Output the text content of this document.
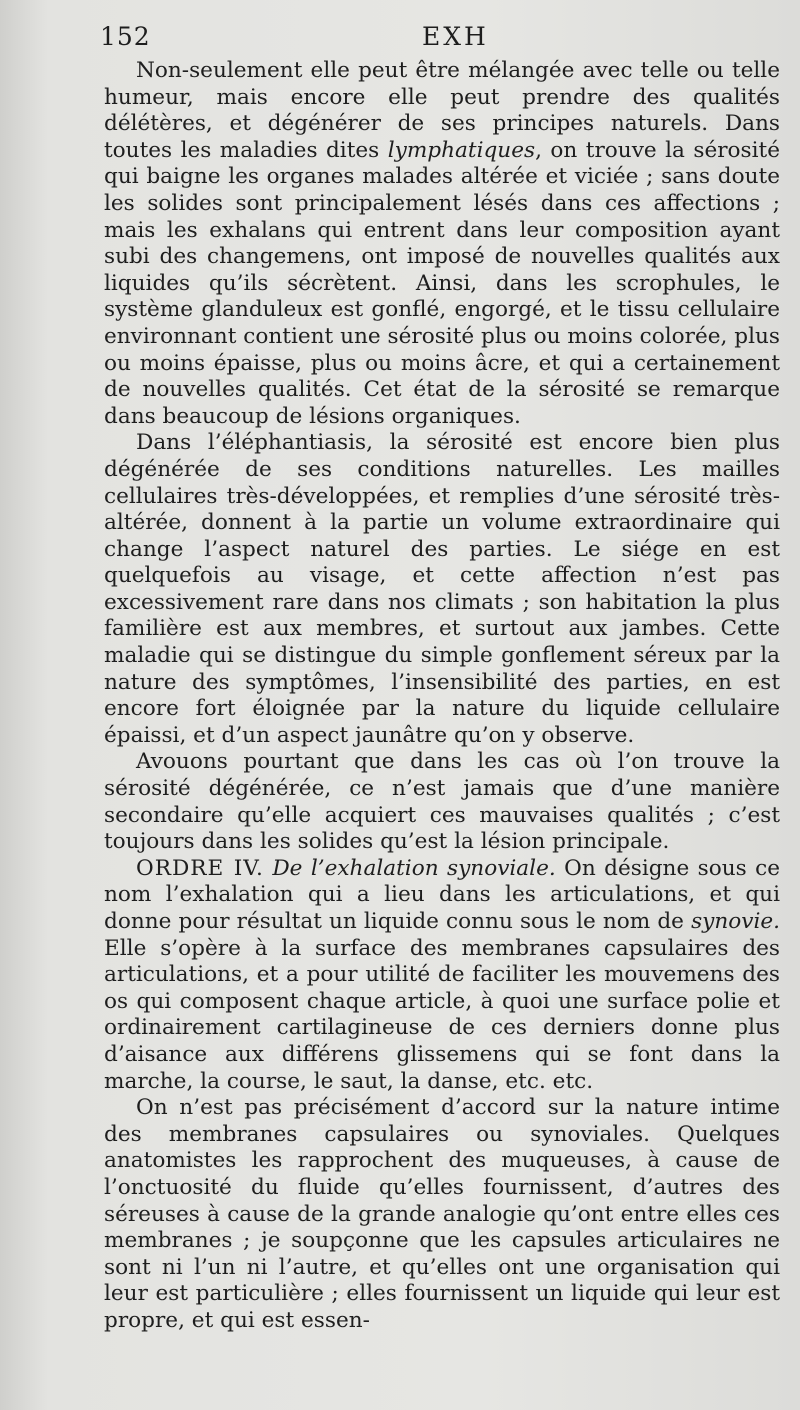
152	EXH

Non-seulement elle peut être mélangée avec telle ou telle humeur, mais encore elle peut prendre des qualités délétères, et dégénérer de ses principes naturels. Dans toutes les maladies dites lymphatiques, on trouve la sérosité qui baigne les organes malades altérée et viciée ; sans doute les solides sont principalement lésés dans ces affections ; mais les exhalans qui entrent dans leur composition ayant subi des changemens, ont imposé de nouvelles qualités aux liquides qu’ils sécrètent. Ainsi, dans les scrophules, le système glanduleux est gonflé, engorgé, et le tissu cellulaire environnant contient une sérosité plus ou moins colorée, plus ou moins épaisse, plus ou moins âcre, et qui a certainement de nouvelles qualités. Cet état de la sérosité se remarque dans beaucoup de lésions organiques.

Dans l’éléphantiasis, la sérosité est encore bien plus dégénérée de ses conditions naturelles. Les mailles cellulaires très-développées, et remplies d’une sérosité très-altérée, donnent à la partie un volume extraordinaire qui change l’aspect naturel des parties. Le siége en est quelquefois au visage, et cette affection n’est pas excessivement rare dans nos climats ; son habitation la plus familière est aux membres, et surtout aux jambes. Cette maladie qui se distingue du simple gonflement séreux par la nature des symptômes, l’insensibilité des parties, en est encore fort éloignée par la nature du liquide cellulaire épaissi, et d’un aspect jaunâtre qu’on y observe.

Avouons pourtant que dans les cas où l’on trouve la sérosité dégénérée, ce n’est jamais que d’une manière secondaire qu’elle acquiert ces mauvaises qualités ; c’est toujours dans les solides qu’est la lésion principale.

ORDRE IV. De l’exhalation synoviale. On désigne sous ce nom l’exhalation qui a lieu dans les articulations, et qui donne pour résultat un liquide connu sous le nom de synovie. Elle s’opère à la surface des membranes capsulaires des articulations, et a pour utilité de faciliter les mouvemens des os qui composent chaque article, à quoi une surface polie et ordinairement cartilagineuse de ces derniers donne plus d’aisance aux différens glissemens qui se font dans la marche, la course, le saut, la danse, etc. etc.

On n’est pas précisément d’accord sur la nature intime des membranes capsulaires ou synoviales. Quelques anatomistes les rapprochent des muqueuses, à cause de l’onctuosité du fluide qu’elles fournissent, d’autres des séreuses à cause de la grande analogie qu’ont entre elles ces membranes ; je soupçonne que les capsules articulaires ne sont ni l’un ni l’autre, et qu’elles ont une organisation qui leur est particulière ; elles fournissent un liquide qui leur est propre, et qui est essen-
